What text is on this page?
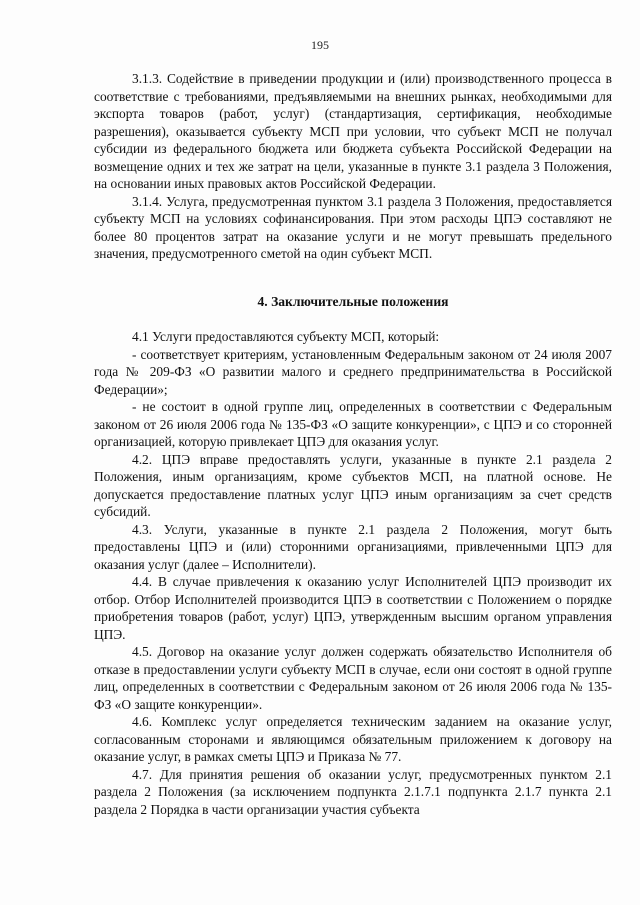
195

3.1.3. Содействие в приведении продукции и (или) производственного процесса в соответствие с требованиями, предъявляемыми на внешних рынках, необходимыми для экспорта товаров (работ, услуг) (стандартизация, сертификация, необходимые разрешения), оказывается субъекту МСП при условии, что субъект МСП не получал субсидии из федерального бюджета или бюджета субъекта Российской Федерации на возмещение одних и тех же затрат на цели, указанные в пункте 3.1 раздела 3 Положения, на основании иных правовых актов Российской Федерации.

3.1.4. Услуга, предусмотренная пунктом 3.1 раздела 3 Положения, предоставляется субъекту МСП на условиях софинансирования. При этом расходы ЦПЭ составляют не более 80 процентов затрат на оказание услуги и не могут превышать предельного значения, предусмотренного сметой на один субъект МСП.

4. Заключительные положения

4.1 Услуги предоставляются субъекту МСП, который:

- соответствует критериям, установленным Федеральным законом от 24 июля 2007 года № 209-ФЗ «О развитии малого и среднего предпринимательства в Российской Федерации»;

- не состоит в одной группе лиц, определенных в соответствии с Федеральным законом от 26 июля 2006 года № 135-ФЗ «О защите конкуренции», с ЦПЭ и со сторонней организацией, которую привлекает ЦПЭ для оказания услуг.

4.2. ЦПЭ вправе предоставлять услуги, указанные в пункте 2.1 раздела 2 Положения, иным организациям, кроме субъектов МСП, на платной основе. Не допускается предоставление платных услуг ЦПЭ иным организациям за счет средств субсидий.

4.3. Услуги, указанные в пункте 2.1 раздела 2 Положения, могут быть предоставлены ЦПЭ и (или) сторонними организациями, привлеченными ЦПЭ для оказания услуг (далее – Исполнители).

4.4. В случае привлечения к оказанию услуг Исполнителей ЦПЭ производит их отбор. Отбор Исполнителей производится ЦПЭ в соответствии с Положением о порядке приобретения товаров (работ, услуг) ЦПЭ, утвержденным высшим органом управления ЦПЭ.

4.5. Договор на оказание услуг должен содержать обязательство Исполнителя об отказе в предоставлении услуги субъекту МСП в случае, если они состоят в одной группе лиц, определенных в соответствии с Федеральным законом от 26 июля 2006 года № 135-ФЗ «О защите конкуренции».

4.6. Комплекс услуг определяется техническим заданием на оказание услуг, согласованным сторонами и являющимся обязательным приложением к договору на оказание услуг, в рамках сметы ЦПЭ и Приказа № 77.

4.7. Для принятия решения об оказании услуг, предусмотренных пунктом 2.1 раздела 2 Положения (за исключением подпункта 2.1.7.1 подпункта 2.1.7 пункта 2.1 раздела 2 Порядка в части организации участия субъекта
